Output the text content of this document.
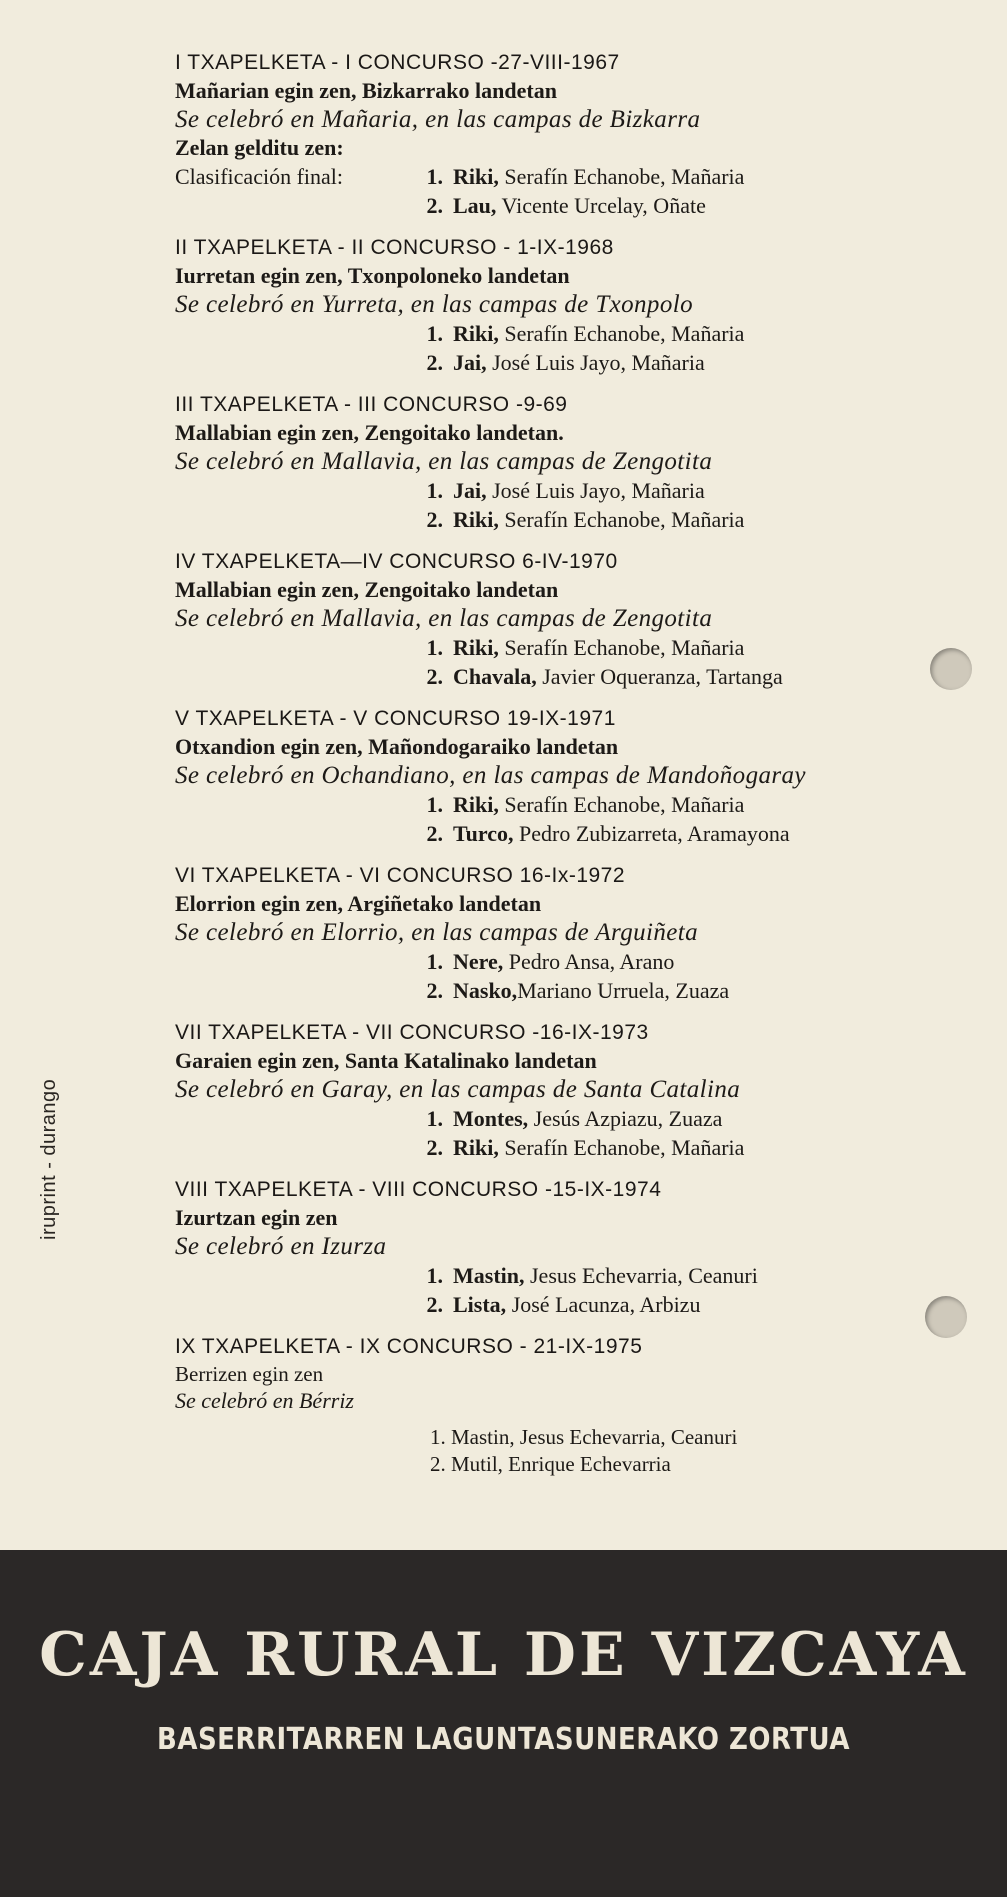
I TXAPELKETA - I CONCURSO -27-VIII-1967
Mañarian egin zen, Bizkarrako landetan
Se celebró en Mañaria, en las campas de Bizkarra
Zelan gelditu zen:
Clasificación final:	1. Riki, Serafín Echanobe, Mañaria
2. Lau, Vicente Urcelay, Oñate
II TXAPELKETA - II CONCURSO - 1-IX-1968
Iurretan egin zen, Txonpoloneko landetan
Se celebró en Yurreta, en las campas de Txonpolo
1. Riki, Serafín Echanobe, Mañaria
2. Jai, José Luis Jayo, Mañaria
III TXAPELKETA - III CONCURSO -9-69
Mallabian egin zen, Zengoitako landetan.
Se celebró en Mallavia, en las campas de Zengotita
1. Jai, José Luis Jayo, Mañaria
2. Riki, Serafín Echanobe, Mañaria
IV TXAPELKETA—IV CONCURSO 6-IV-1970
Mallabian egin zen, Zengoitako landetan
Se celebró en Mallavia, en las campas de Zengotita
1. Riki, Serafín Echanobe, Mañaria
2. Chavala, Javier Oqueranza, Tartanga
V TXAPELKETA - V CONCURSO 19-IX-1971
Otxandion egin zen, Mañondogaraiko landetan
Se celebró en Ochandiano, en las campas de Mandoñogaray
1. Riki, Serafín Echanobe, Mañaria
2. Turco, Pedro Zubizarreta, Aramayona
VI TXAPELKETA - VI CONCURSO 16-Ix-1972
Elorrion egin zen, Argiñetako landetan
Se celebró en Elorrio, en las campas de Arguiñeta
1. Nere, Pedro Ansa, Arano
2. Nasko,Mariano Urruela, Zuaza
VII TXAPELKETA - VII CONCURSO -16-IX-1973
Garaien egin zen, Santa Katalinako landetan
Se celebró en Garay, en las campas de Santa Catalina
1. Montes, Jesús Azpiazu, Zuaza
2. Riki, Serafín Echanobe, Mañaria
VIII TXAPELKETA - VIII CONCURSO -15-IX-1974
Izurtzan egin zen
Se celebró en Izurza
1. Mastin, Jesus Echevarria, Ceanuri
2. Lista, José Lacunza, Arbizu
IX TXAPELKETA - IX CONCURSO - 21-IX-1975
Berrizen egin zen
Se celebró en Bérriz
1. Mastin, Jesus Echevarria, Ceanuri
2. Mutil, Enrique Echevarria
iruprint - durango
CAJA RURAL DE VIZCAYA
BASERRITARREN LAGUNTASUNERAKO ZORTUA
